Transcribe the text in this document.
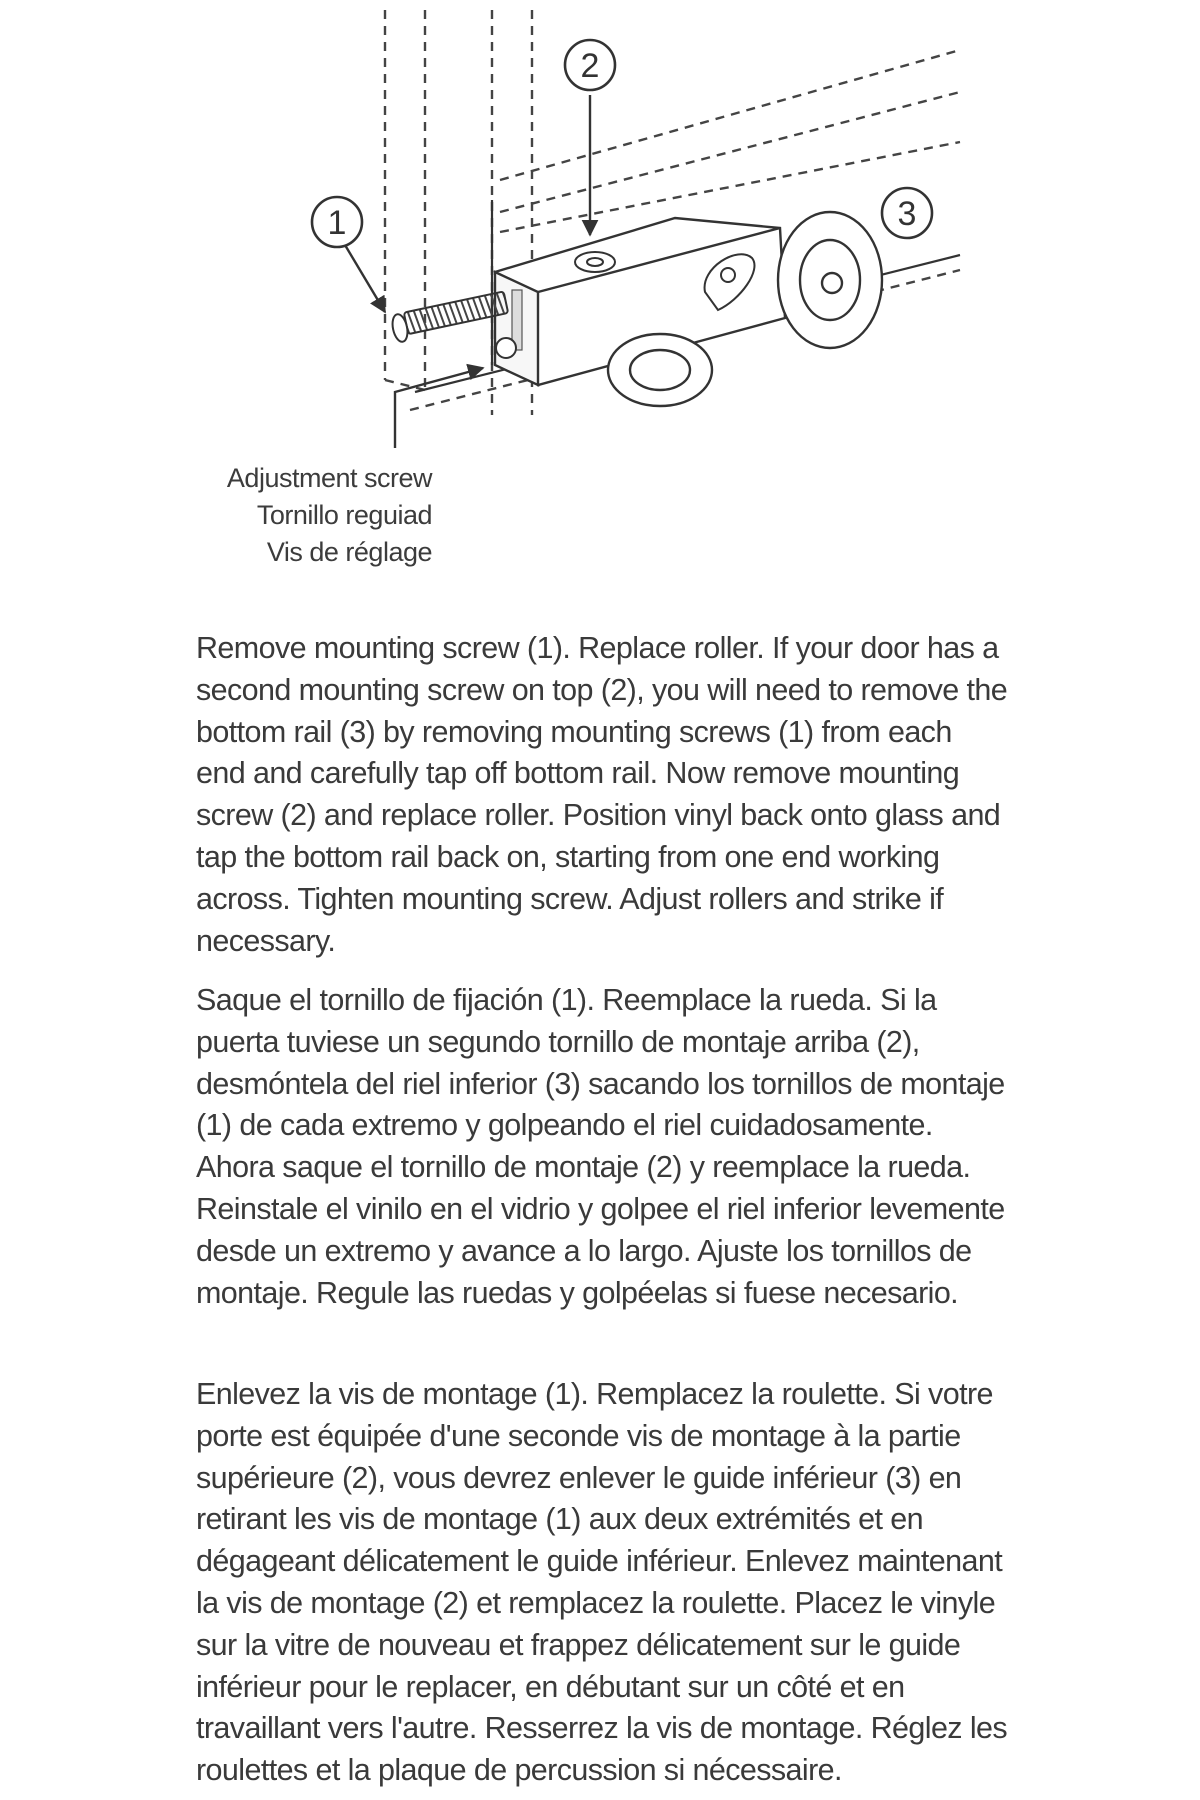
1
2
3
Adjustment screw
Tornillo reguiad
Vis de réglage

Remove mounting screw (1). Replace roller. If your door has a second mounting screw on top (2), you will need to remove the bottom rail (3) by removing mounting screws (1) from each end and carefully tap off bottom rail. Now remove mounting screw (2) and replace roller. Position vinyl back onto glass and tap the bottom rail back on, starting from one end working across. Tighten mounting screw. Adjust rollers and strike if necessary.

Saque el tornillo de fijación (1). Reemplace la rueda. Si la puerta tuviese un segundo tornillo de montaje arriba (2), desmóntela del riel inferior (3) sacando los tornillos de montaje (1) de cada extremo y golpeando el riel cuidadosamente. Ahora saque el tornillo de montaje (2) y reemplace la rueda. Reinstale el vinilo en el vidrio y golpee el riel inferior levemente desde un extremo y avance a lo largo. Ajuste los tornillos de montaje. Regule las ruedas y golpéelas si fuese necesario.

Enlevez la vis de montage (1). Remplacez la roulette. Si votre porte est équipée d'une seconde vis de montage à la partie supérieure (2), vous devrez enlever le guide inférieur (3) en retirant les vis de montage (1) aux deux extrémités et en dégageant délicatement le guide inférieur. Enlevez maintenant la vis de montage (2) et remplacez la roulette. Placez le vinyle sur la vitre de nouveau et frappez délicatement sur le guide inférieur pour le replacer, en débutant sur un côté et en travaillant vers l'autre. Resserrez la vis de montage. Réglez les roulettes et la plaque de percussion si nécessaire.
